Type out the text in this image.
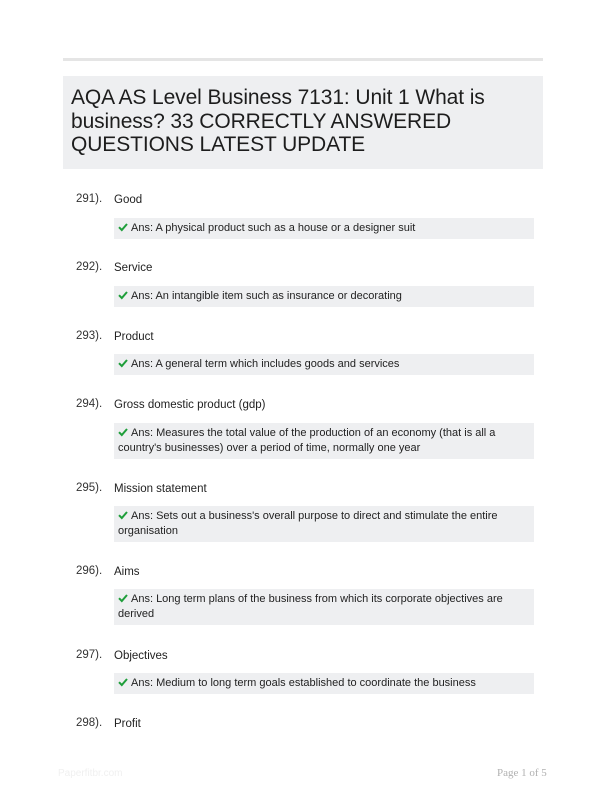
AQA AS Level Business 7131: Unit 1 What is business? 33 CORRECTLY ANSWERED QUESTIONS LATEST UPDATE
291). Good
Ans: A physical product such as a house or a designer suit
292). Service
Ans: An intangible item such as insurance or decorating
293). Product
Ans: A general term which includes goods and services
294). Gross domestic product (gdp)
Ans: Measures the total value of the production of an economy (that is all a country's businesses) over a period of time, normally one year
295). Mission statement
Ans: Sets out a business's overall purpose to direct and stimulate the entire organisation
296). Aims
Ans: Long term plans of the business from which its corporate objectives are derived
297). Objectives
Ans: Medium to long term goals established to coordinate the business
298). Profit
Paperfitbr.com	Page 1 of 5
